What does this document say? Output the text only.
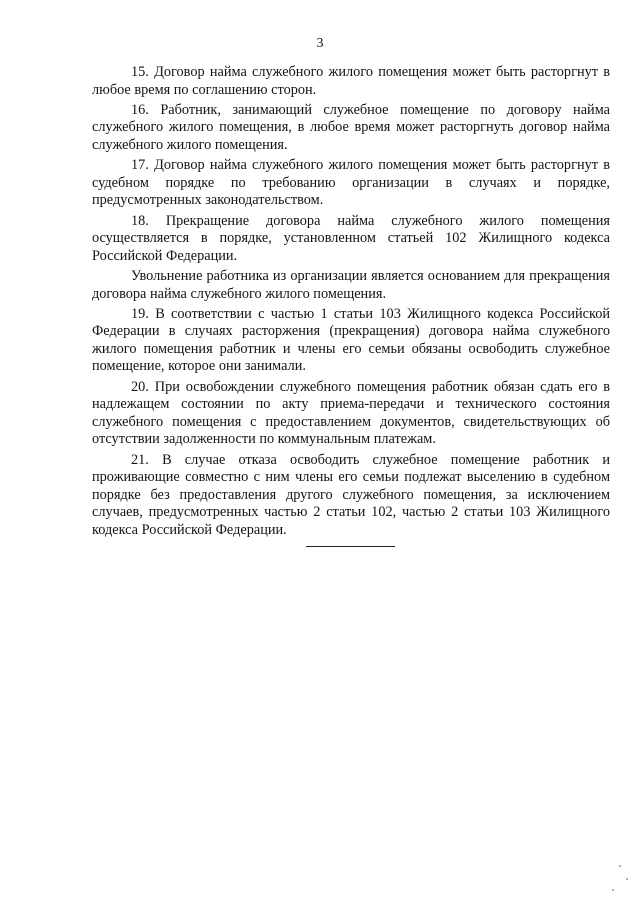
3

15. Договор найма служебного жилого помещения может быть расторгнут в любое время по соглашению сторон.

16. Работник, занимающий служебное помещение по договору найма служебного жилого помещения, в любое время может расторгнуть договор найма служебного жилого помещения.

17. Договор найма служебного жилого помещения может быть расторгнут в судебном порядке по требованию организации в случаях и порядке, предусмотренных законодательством.

18. Прекращение договора найма служебного жилого помещения осуществляется в порядке, установленном статьей 102 Жилищного кодекса Российской Федерации.

Увольнение работника из организации является основанием для прекращения договора найма служебного жилого помещения.

19. В соответствии с частью 1 статьи 103 Жилищного кодекса Российской Федерации в случаях расторжения (прекращения) договора найма служебного жилого помещения работник и члены его семьи обязаны освободить служебное помещение, которое они занимали.

20. При освобождении служебного помещения работник обязан сдать его в надлежащем состоянии по акту приема-передачи и технического состояния служебного помещения с предоставлением документов, свидетельствующих об отсутствии задолженности по коммунальным платежам.

21. В случае отказа освободить служебное помещение работник и проживающие совместно с ним члены его семьи подлежат выселению в судебном порядке без предоставления другого служебного помещения, за исключением случаев, предусмотренных частью 2 статьи 102, частью 2 статьи 103 Жилищного кодекса Российской Федерации.
